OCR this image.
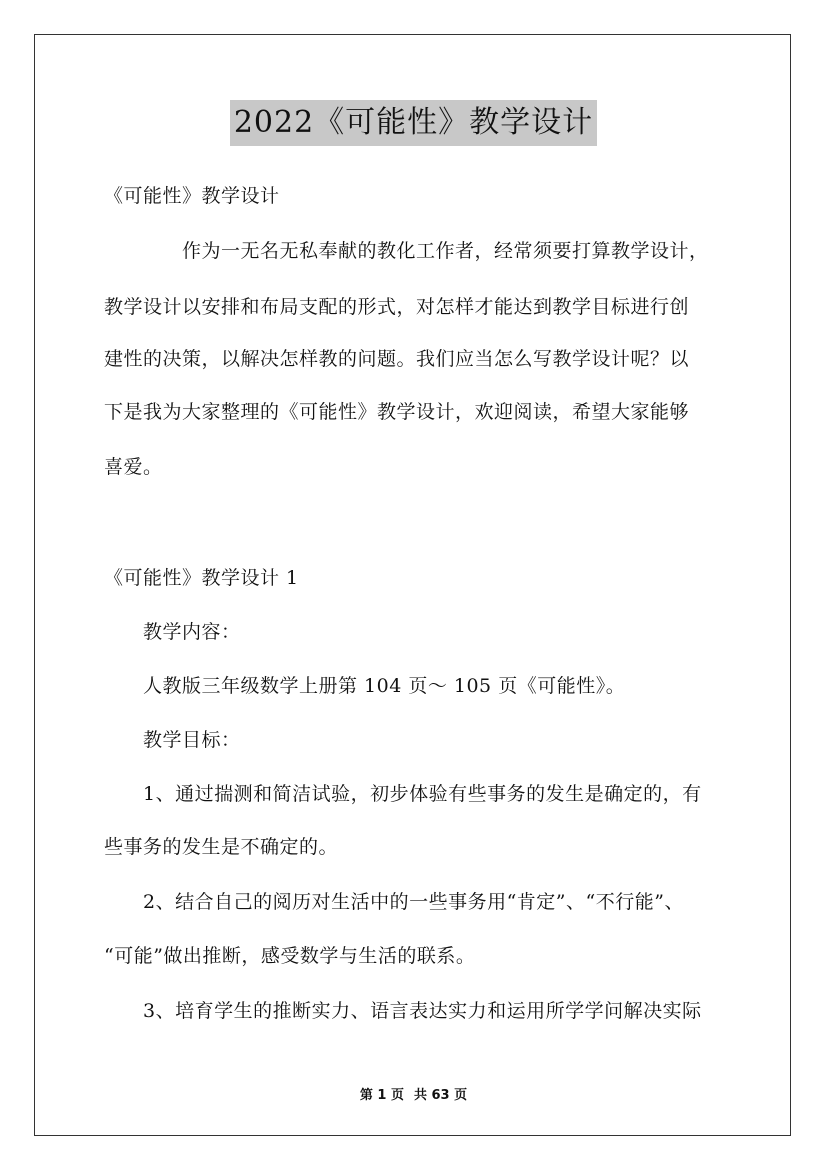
2022《可能性》教学设计
《可能性》教学设计
作为一无名无私奉献的教化工作者，经常须要打算教学设计，
教学设计以安排和布局支配的形式，对怎样才能达到教学目标进行创
建性的决策，以解决怎样教的问题。我们应当怎么写教学设计呢？以
下是我为大家整理的《可能性》教学设计，欢迎阅读，希望大家能够
喜爱。
《可能性》教学设计 1
教学内容：
人教版三年级数学上册第 104 页～ 105 页《可能性》。
教学目标：
1、通过揣测和简洁试验，初步体验有些事务的发生是确定的，有
些事务的发生是不确定的。
2、结合自己的阅历对生活中的一些事务用“肯定”、“不行能”、
“可能”做出推断，感受数学与生活的联系。
3、培育学生的推断实力、语言表达实力和运用所学学问解决实际
第 1 页 共 63 页
